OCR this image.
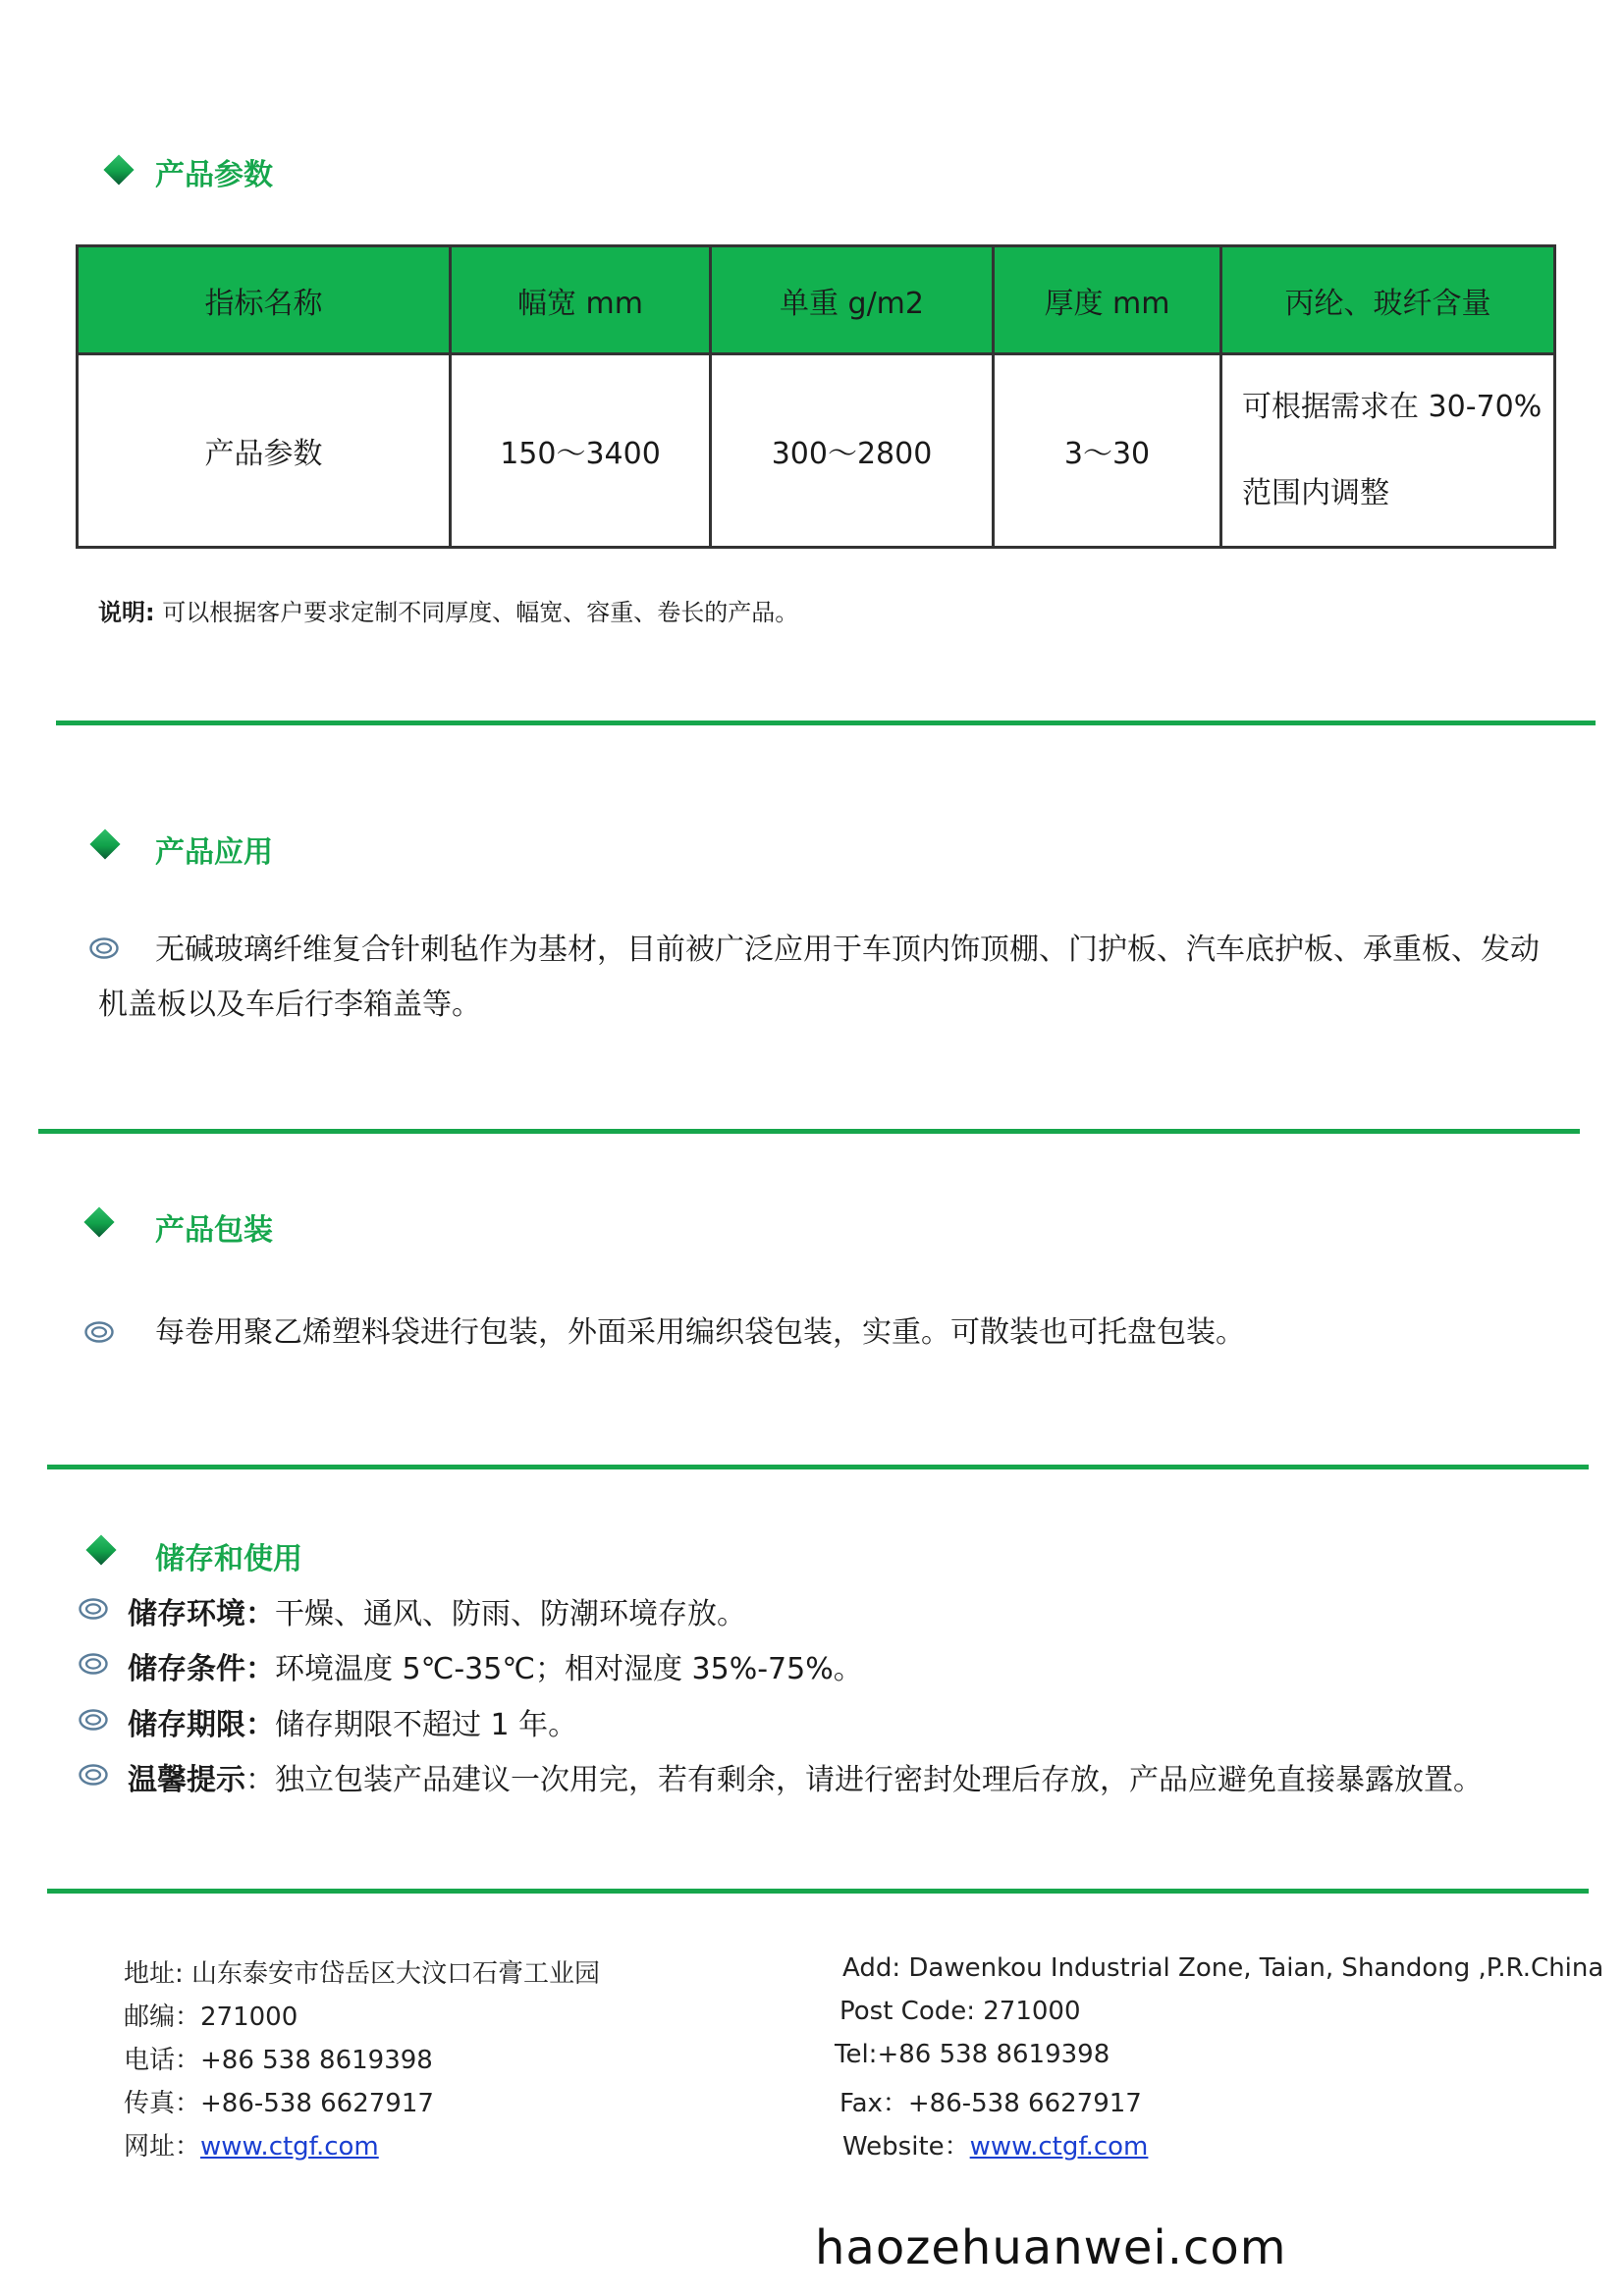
产品参数
指标名称	幅宽 mm	单重 g/m2	厚度 mm	丙纶、玻纤含量
产品参数	150～3400	300～2800	3～30	可根据需求在 30-70%
范围内调整
说明: 可以根据客户要求定制不同厚度、幅宽、容重、卷长的产品。
产品应用
无碱玻璃纤维复合针刺毡作为基材，目前被广泛应用于车顶内饰顶棚、门护板、汽车底护板、承重板、发动
机盖板以及车后行李箱盖等。
产品包装
每卷用聚乙烯塑料袋进行包装，外面采用编织袋包装，实重。可散装也可托盘包装。
储存和使用
储存环境：干燥、通风、防雨、防潮环境存放。
储存条件：环境温度 5℃-35℃；相对湿度 35%-75%。
储存期限：储存期限不超过 1 年。
温馨提示：独立包装产品建议一次用完，若有剩余，请进行密封处理后存放，产品应避免直接暴露放置。
地址: 山东泰安市岱岳区大汶口石膏工业园
邮编：271000
电话：+86 538 8619398
传真：+86-538 6627917
网址：www.ctgf.com
Add: Dawenkou Industrial Zone, Taian, Shandong ,P.R.China
Post Code: 271000
Tel:+86 538 8619398
Fax：+86-538 6627917
Website：www.ctgf.com
haozehuanwei.com
